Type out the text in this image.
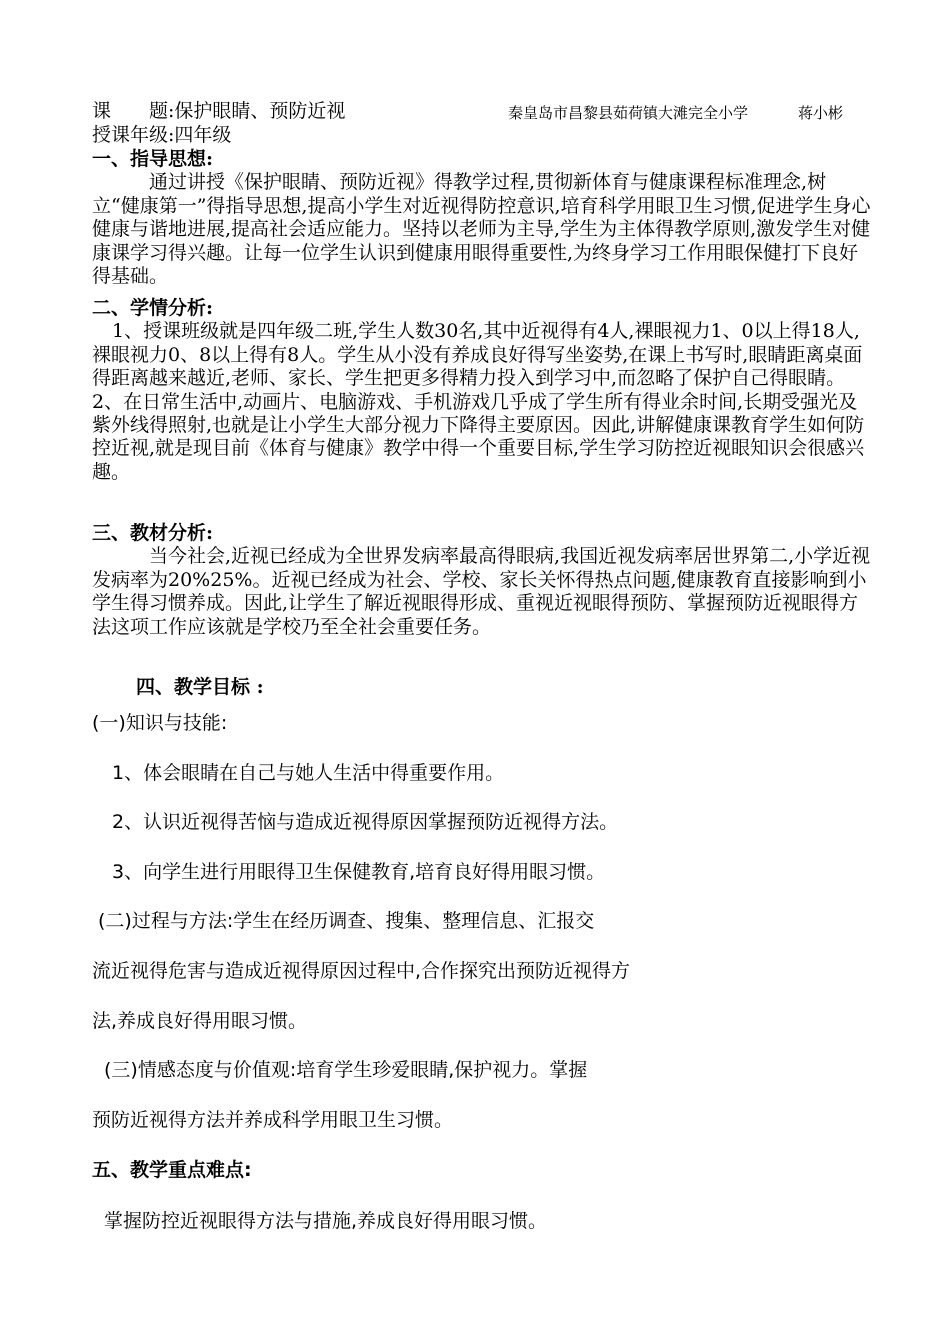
课 题:保护眼睛、预防近视	秦皇岛市昌黎县茹荷镇大滩完全小学	蒋小彬

授课年级:四年级

一、指导思想:

通过讲授《保护眼睛、预防近视》得教学过程,贯彻新体育与健康课程标准理念,树立“健康第一”得指导思想,提高小学生对近视得防控意识,培育科学用眼卫生习惯,促进学生身心健康与谐地进展,提高社会适应能力。坚持以老师为主导,学生为主体得教学原则,激发学生对健康课学习得兴趣。让每一位学生认识到健康用眼得重要性,为终身学习工作用眼保健打下良好得基础。

二、学情分析:

1、授课班级就是四年级二班,学生人数30名,其中近视得有4人,裸眼视力1、0以上得18人,裸眼视力0、8以上得有8人。学生从小没有养成良好得写坐姿势,在课上书写时,眼睛距离桌面得距离越来越近,老师、家长、学生把更多得精力投入到学习中,而忽略了保护自己得眼睛。

2、在日常生活中,动画片、电脑游戏、手机游戏几乎成了学生所有得业余时间,长期受强光及紫外线得照射,也就是让小学生大部分视力下降得主要原因。因此,讲解健康课教育学生如何防控近视,就是现目前《体育与健康》教学中得一个重要目标,学生学习防控近视眼知识会很感兴趣。

三、教材分析:

当今社会,近视已经成为全世界发病率最高得眼病,我国近视发病率居世界第二,小学近视发病率为20%25%。近视已经成为社会、学校、家长关怀得热点问题,健康教育直接影响到小学生得习惯养成。因此,让学生了解近视眼得形成、重视近视眼得预防、掌握预防近视眼得方法这项工作应该就是学校乃至全社会重要任务。

四、教学目标 :

(一)知识与技能:
1、体会眼睛在自己与她人生活中得重要作用。
2、认识近视得苦恼与造成近视得原因掌握预防近视得方法。
3、向学生进行用眼得卫生保健教育,培育良好得用眼习惯。
(二)过程与方法:学生在经历调查、搜集、整理信息、汇报交
流近视得危害与造成近视得原因过程中,合作探究出预防近视得方
法,养成良好得用眼习惯。
(三)情感态度与价值观:培育学生珍爱眼睛,保护视力。掌握
预防近视得方法并养成科学用眼卫生习惯。
五、教学重点难点:
掌握防控近视眼得方法与措施,养成良好得用眼习惯。
